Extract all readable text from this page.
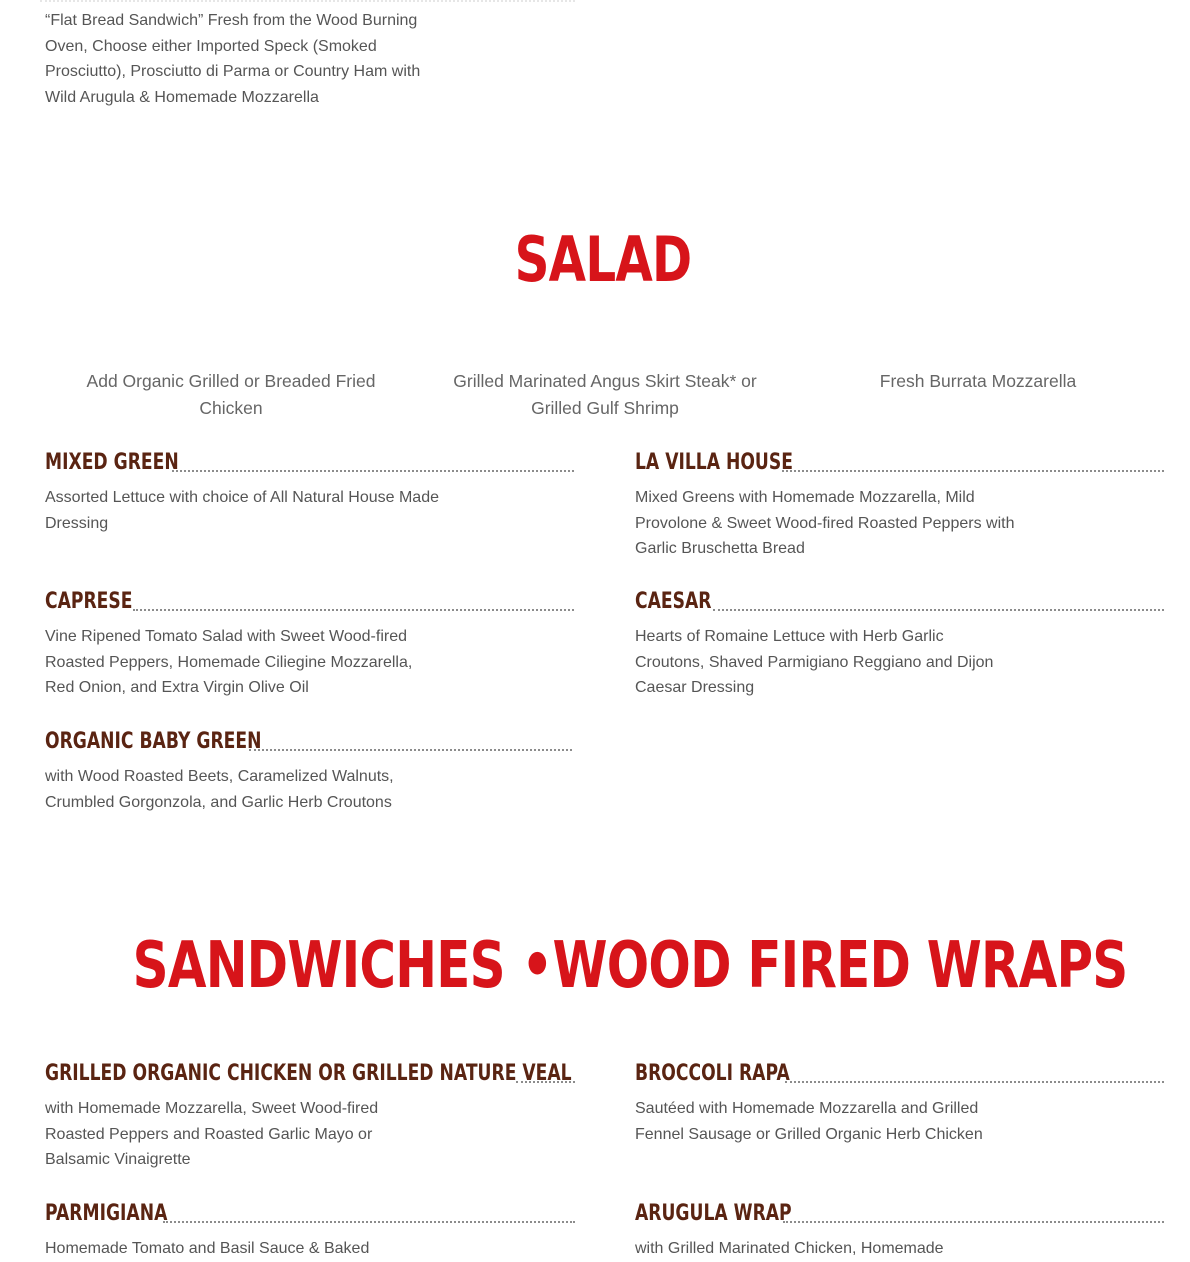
“Flat Bread Sandwich” Fresh from the Wood Burning Oven, Choose either Imported Speck (Smoked Prosciutto), Prosciutto di Parma or Country Ham with Wild Arugula & Homemade Mozzarella
SALAD
Add Organic Grilled or Breaded Fried Chicken
Grilled Marinated Angus Skirt Steak* or Grilled Gulf Shrimp
Fresh Burrata Mozzarella
MIXED GREEN
Assorted Lettuce with choice of All Natural House Made Dressing
LA VILLA HOUSE
Mixed Greens with Homemade Mozzarella, Mild Provolone & Sweet Wood-fired Roasted Peppers with Garlic Bruschetta Bread
CAPRESE
Vine Ripened Tomato Salad with Sweet Wood-fired Roasted Peppers, Homemade Ciliegine Mozzarella, Red Onion, and Extra Virgin Olive Oil
CAESAR
Hearts of Romaine Lettuce with Herb Garlic Croutons, Shaved Parmigiano Reggiano and Dijon Caesar Dressing
ORGANIC BABY GREEN
with Wood Roasted Beets, Caramelized Walnuts, Crumbled Gorgonzola, and Garlic Herb Croutons
SANDWICHES •WOOD FIRED WRAPS
GRILLED ORGANIC CHICKEN OR GRILLED NATURE VEAL
with Homemade Mozzarella, Sweet Wood-fired Roasted Peppers and Roasted Garlic Mayo or Balsamic Vinaigrette
BROCCOLI RAPA
Sautéed with Homemade Mozzarella and Grilled Fennel Sausage or Grilled Organic Herb Chicken
PARMIGIANA
Homemade Tomato and Basil Sauce & Baked
ARUGULA WRAP
with Grilled Marinated Chicken, Homemade
